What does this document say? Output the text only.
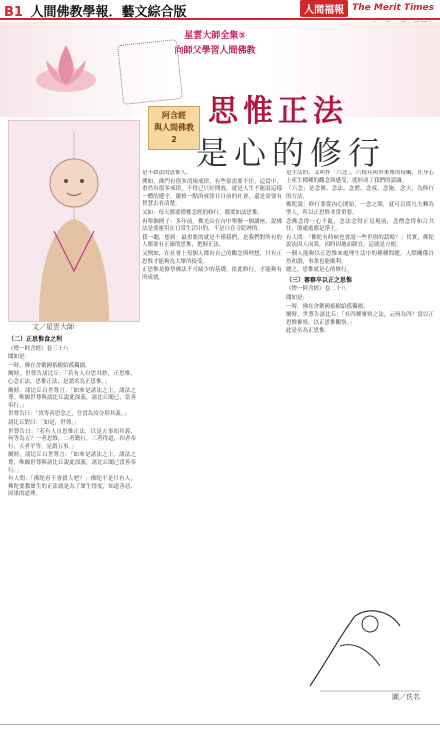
B1 人間佛教學報．藝文綜合版	人間福報 The Merit Times
星雲大師全集⑤
向師父學習人間佛教
阿含經
與人間佛教 2
思惟正法
是心的修行
文／星雲大師

（二）正思惟食之利

《增一阿含經》卷三十八

聞如是：

一時，佛在舍衛國祇樹給孤獨園。

爾時，世尊告諸比丘：「若有人自思其妙，正思惟，心念正法，思惟正法，是謂名為正思惟。」

爾時，諸比丘白世尊言：「如來是諸法之主，諸法之尊。唯願世尊與諸比丘說此深義，諸比丘聞已，當善奉行。」

世尊告曰：「汝等善思念之，吾當為汝分別其義。」

諸比丘對曰：「如是，世尊。」

世尊告曰：「若有人自思惟正法，以是五事知其義，何等為五？一者思惟，二者勤行，三者得道，四者奉行，五者平等，是謂五事。」

爾時，諸比丘白世尊言：「如來是諸法之主，諸法之尊，唯願世尊與諸比丘說此深義，諸比丘聞已當善奉行。」

有人問：「佛陀看不會殺人吧？」佛陀不是只有人，佛陀要教眾生的正法就是為了眾生得度，知道善惡、因果的道理。

是不如法的思惟人。

例如，佛門有很多清規戒律，有些很需要不住，這當中，重然有很多戒律，不得已只好開放，就是人生不能說這樣一體的遵守，嚴格一點的戒律在目前的社會，還是需要有智慧去看清楚。

又如：每天都要禮佛念經的修行，都要如法思惟。

再舉個例子：多年前，佛光山在台中舉辦一個講座，說佛法是要運用在日常生活中的，不是只在寺院裡的。

我一聽，想到：最重要的就是不僅我們，是我們對所有的人都要有正確的思惟，把握正法。

又例如，在社會上每個人都有自己的觀念與理想，只有正思惟才能夠為大眾所接受。

正思惟是修學佛法不可缺少的基礎，依此修行，才能夠有所成就。

是生活的，又叫作「六念」。六根具與外來塵的接觸，在身心上產生種種的觀念與感受，就形成了我們的認識。

「六念」是念佛、念法、念僧、念戒、念施、念天，為修行的方法。

佛陀說：修行要從內心開始，一念之間，就可以從凡夫轉為聖人，所以正思惟非常重要。

念佛念得一心不亂，念法念得正見現前，念僧念得和合共住，則處處都是淨土。

有人問：「佛陀有時候也會說一些世俗的話嗎？」其實，佛陀說法因人而異，因時因地而制宜，這就是方便。

一個人能夠以正思惟來處理生活中的種種問題，人際關係自然和諧，事業也能順利。

總之，思惟就是心的修行。

（三）審察卒以正之思惟

《增一阿含經》卷二十八

聞如是：

一時，佛在舍衛國祇樹給孤獨園。

爾時，世尊告諸比丘：「有四種審察之法，云何為四？當以正思惟審察，以正思惟觀察。」

此是名為正思惟。

圖／佚名
